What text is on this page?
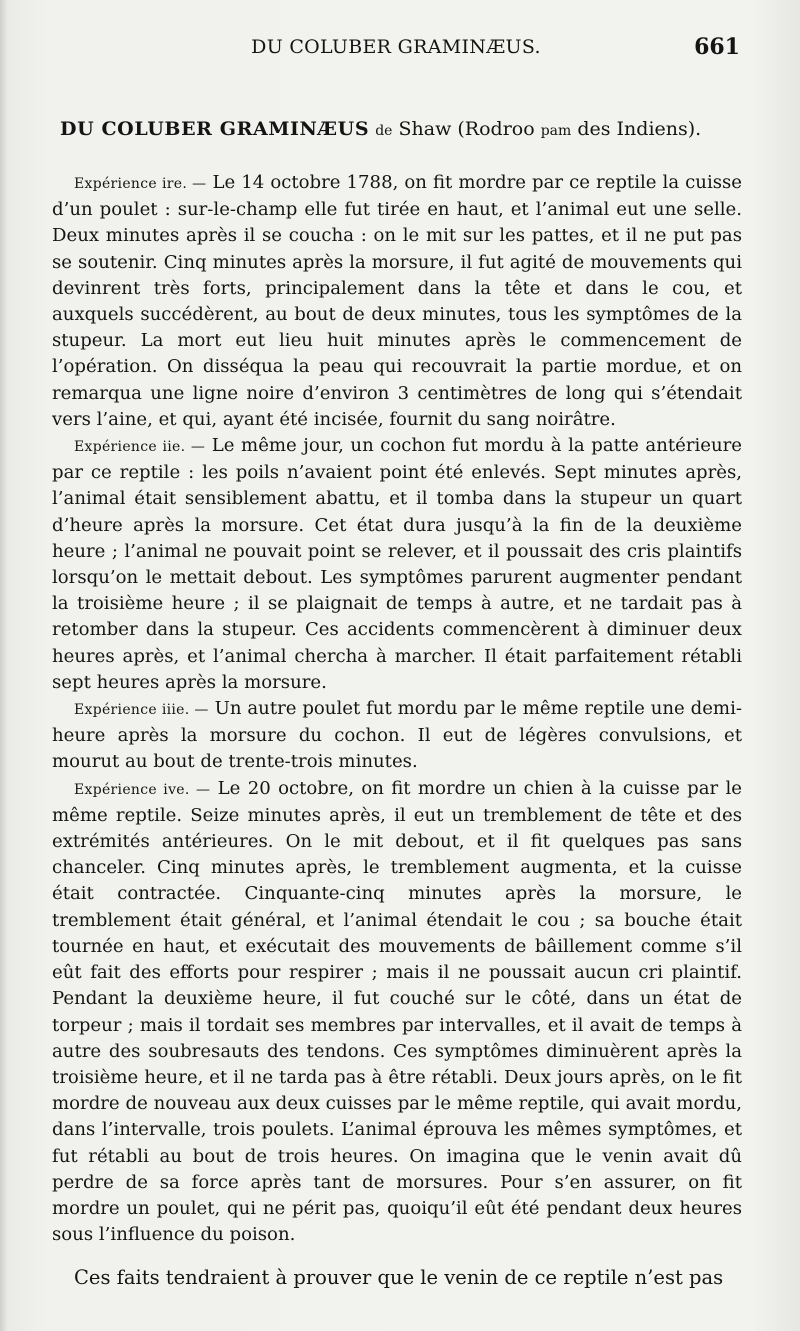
DU COLUBER GRAMINÆUS.	661
DU COLUBER GRAMINÆUS de Shaw (Rodroo pam des Indiens).

Expérience ire. — Le 14 octobre 1788, on fit mordre par ce reptile la cuisse d’un poulet : sur-le-champ elle fut tirée en haut, et l’animal eut une selle. Deux minutes après il se coucha : on le mit sur les pattes, et il ne put pas se soutenir. Cinq minutes après la morsure, il fut agité de mouvements qui devinrent très forts, principalement dans la tête et dans le cou, et auxquels succédèrent, au bout de deux minutes, tous les symptômes de la stupeur. La mort eut lieu huit minutes après le commencement de l’opération. On disséqua la peau qui recouvrait la partie mordue, et on remarqua une ligne noire d’environ 3 centimètres de long qui s’étendait vers l’aine, et qui, ayant été incisée, fournit du sang noirâtre.

Expérience iie. — Le même jour, un cochon fut mordu à la patte antérieure par ce reptile : les poils n’avaient point été enlevés. Sept minutes après, l’animal était sensiblement abattu, et il tomba dans la stupeur un quart d’heure après la morsure. Cet état dura jusqu’à la fin de la deuxième heure ; l’animal ne pouvait point se relever, et il poussait des cris plaintifs lorsqu’on le mettait debout. Les symptômes parurent augmenter pendant la troisième heure ; il se plaignait de temps à autre, et ne tardait pas à retomber dans la stupeur. Ces accidents commencèrent à diminuer deux heures après, et l’animal chercha à marcher. Il était parfaitement rétabli sept heures après la morsure.

Expérience iiie. — Un autre poulet fut mordu par le même reptile une demi-heure après la morsure du cochon. Il eut de légères convulsions, et mourut au bout de trente-trois minutes.

Expérience ive. — Le 20 octobre, on fit mordre un chien à la cuisse par le même reptile. Seize minutes après, il eut un tremblement de tête et des extrémités antérieures. On le mit debout, et il fit quelques pas sans chanceler. Cinq minutes après, le tremblement augmenta, et la cuisse était contractée. Cinquante-cinq minutes après la morsure, le tremblement était général, et l’animal étendait le cou ; sa bouche était tournée en haut, et exécutait des mouvements de bâillement comme s’il eût fait des efforts pour respirer ; mais il ne poussait aucun cri plaintif. Pendant la deuxième heure, il fut couché sur le côté, dans un état de torpeur ; mais il tordait ses membres par intervalles, et il avait de temps à autre des soubresauts des tendons. Ces symptômes diminuèrent après la troisième heure, et il ne tarda pas à être rétabli. Deux jours après, on le fit mordre de nouveau aux deux cuisses par le même reptile, qui avait mordu, dans l’intervalle, trois poulets. L’animal éprouva les mêmes symptômes, et fut rétabli au bout de trois heures. On imagina que le venin avait dû perdre de sa force après tant de morsures. Pour s’en assurer, on fit mordre un poulet, qui ne périt pas, quoiqu’il eût été pendant deux heures sous l’influence du poison.

Ces faits tendraient à prouver que le venin de ce reptile n’est pas
